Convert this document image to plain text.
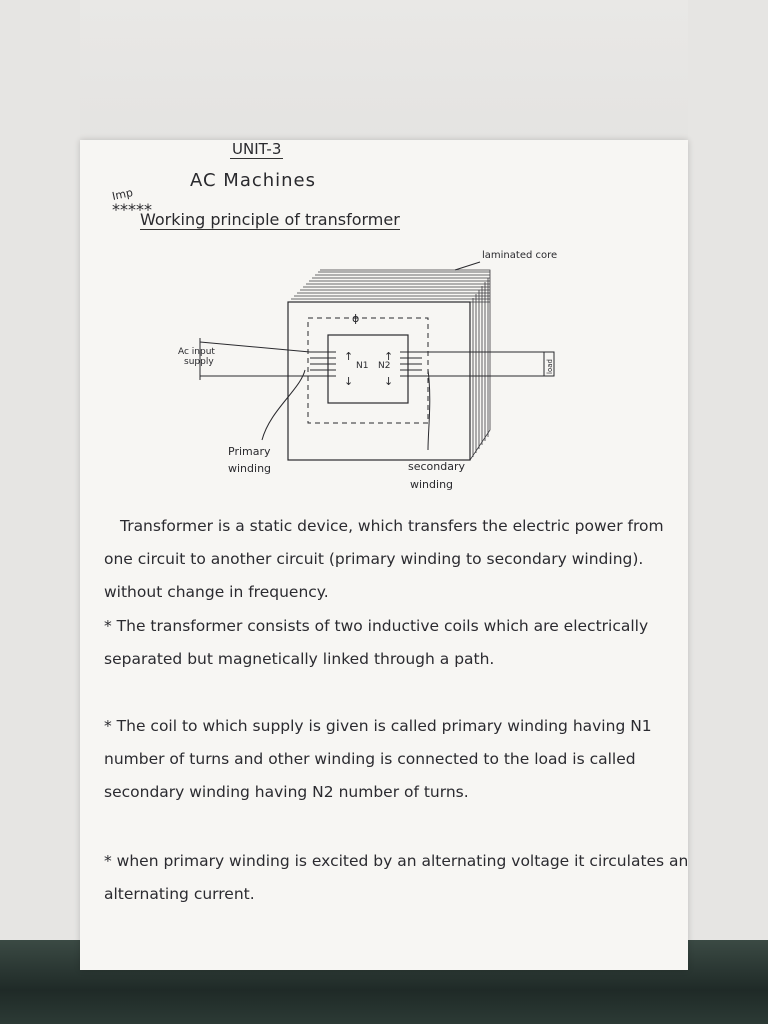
UNIT-3
AC Machines
Imp
*****
Working principle of transformer
ϕ
N1 N2
↑	↑
↓	↓
Ac input
supply	load
laminated core
Primary
winding	secondary
winding

Transformer is a static device, which transfers the electric power from one circuit to another circuit (primary winding to secondary winding). without change in frequency.

* The transformer consists of two inductive coils which are electrically separated but magnetically linked through a path.

* The coil to which supply is given is called primary winding having N1 number of turns and other winding is connected to the load is called secondary winding having N2 number of turns.

* when primary winding is excited by an alternating voltage it circulates an alternating current.
